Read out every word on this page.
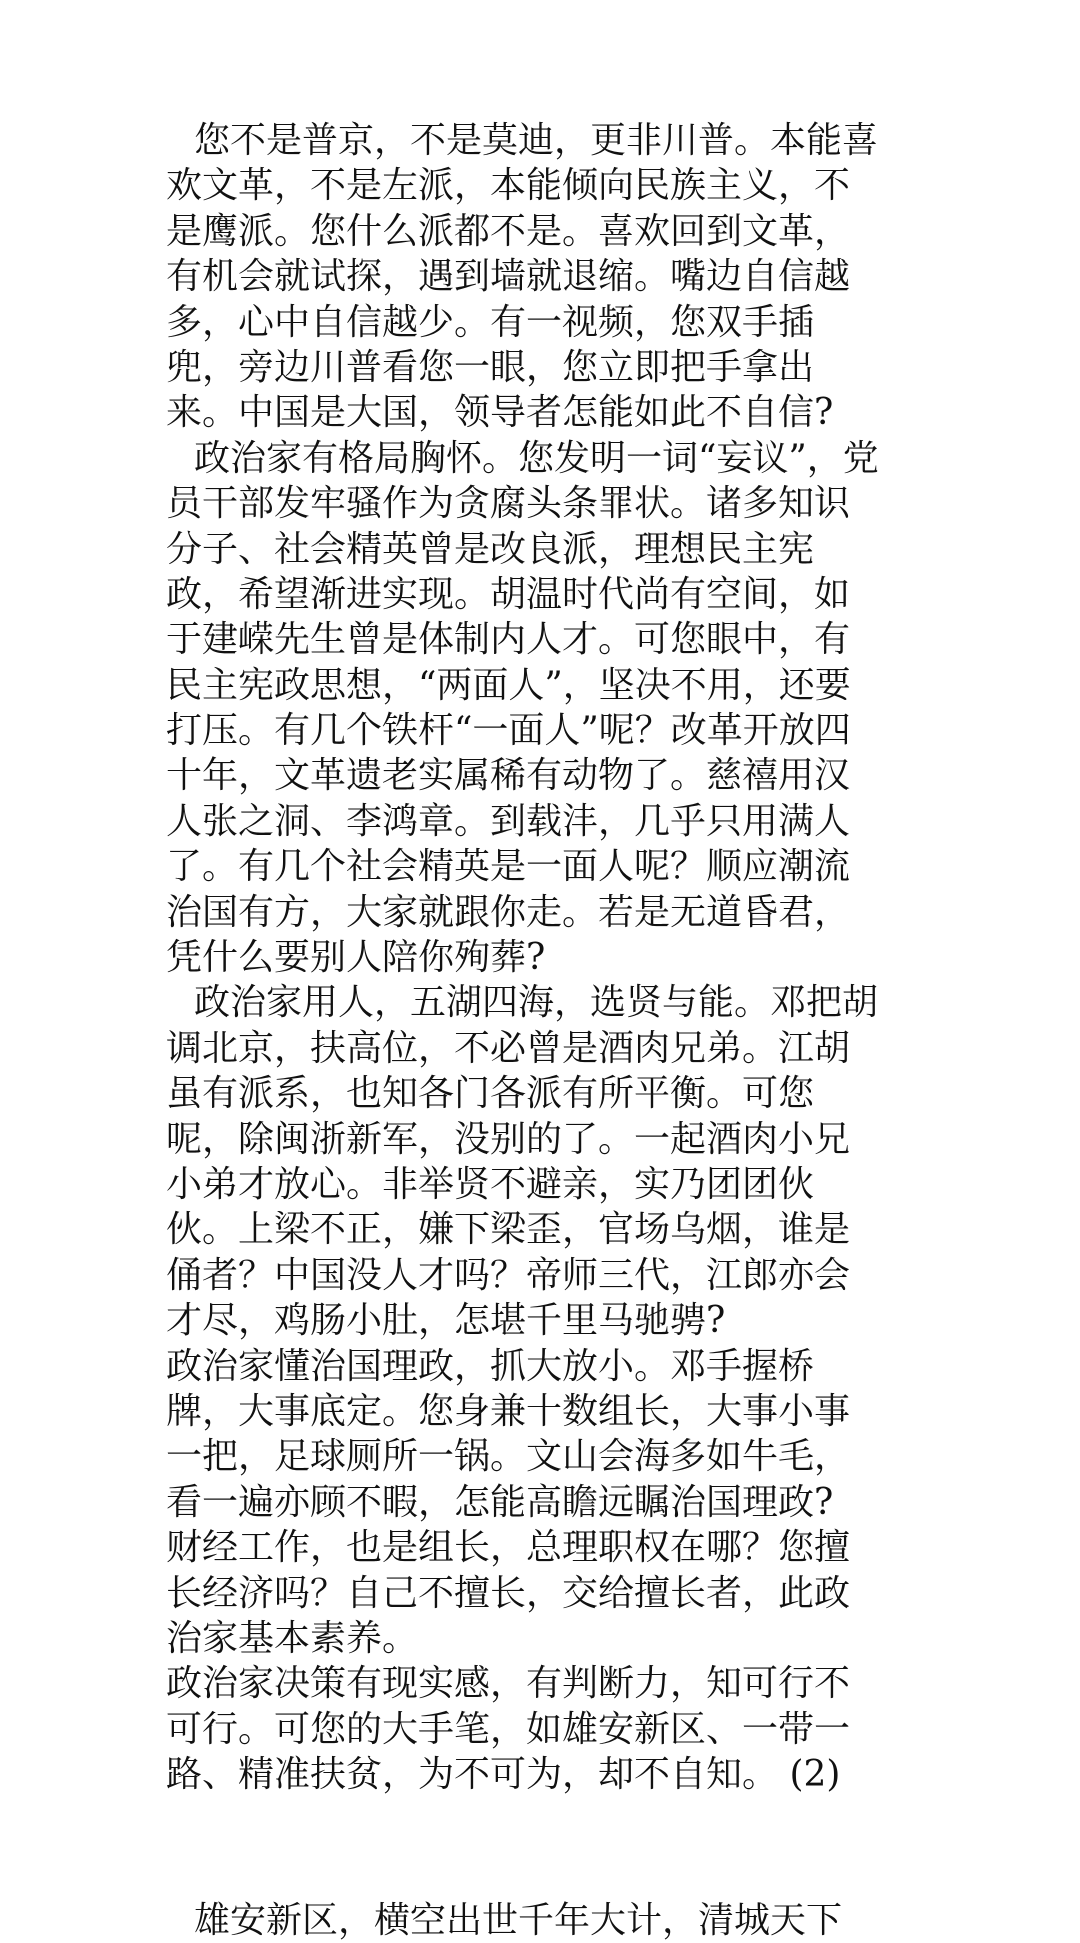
您不是普京，不是莫迪，更非川普。本能喜
欢文革，不是左派，本能倾向民族主义，不
是鹰派。您什么派都不是。喜欢回到文革，
有机会就试探，遇到墙就退缩。嘴边自信越
多，心中自信越少。有一视频，您双手插
兜，旁边川普看您一眼，您立即把手拿出
来。中国是大国，领导者怎能如此不自信?
政治家有格局胸怀。您发明一词“妄议”，党
员干部发牢骚作为贪腐头条罪状。诸多知识
分子、社会精英曾是改良派，理想民主宪
政，希望渐进实现。胡温时代尚有空间，如
于建嵘先生曾是体制内人才。可您眼中，有
民主宪政思想，“两面人”，坚决不用，还要
打压。有几个铁杆“一面人”呢？改革开放四
十年，文革遗老实属稀有动物了。慈禧用汉
人张之洞、李鸿章。到载沣，几乎只用满人
了。有几个社会精英是一面人呢？顺应潮流
治国有方，大家就跟你走。若是无道昏君，
凭什么要别人陪你殉葬?
政治家用人，五湖四海，选贤与能。邓把胡
调北京，扶高位，不必曾是酒肉兄弟。江胡
虽有派系，也知各门各派有所平衡。可您
呢，除闽浙新军，没别的了。一起酒肉小兄
小弟才放心。非举贤不避亲，实乃团团伙
伙。上梁不正，嫌下梁歪，官场乌烟，谁是
俑者？中国没人才吗？帝师三代，江郎亦会
才尽，鸡肠小肚，怎堪千里马驰骋?
政治家懂治国理政，抓大放小。邓手握桥
牌，大事底定。您身兼十数组长，大事小事
一把，足球厕所一锅。文山会海多如牛毛，
看一遍亦顾不暇，怎能高瞻远瞩治国理政?
财经工作，也是组长，总理职权在哪？您擅
长经济吗？自己不擅长，交给擅长者，此政
治家基本素养。
政治家决策有现实感，有判断力，知可行不
可行。可您的大手笔，如雄安新区、一带一
路、精准扶贫，为不可为，却不自知。 (2)
雄安新区，横空出世千年大计，清城天下
